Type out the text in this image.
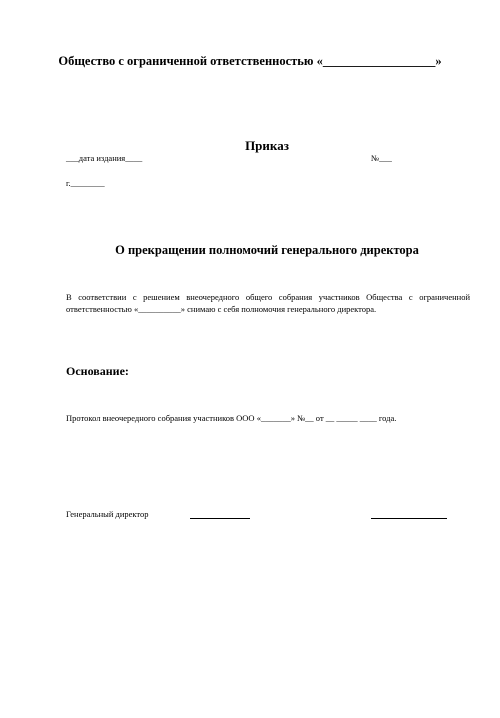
Общество с ограниченной ответственностью «__________________»
Приказ
___дата издания____	№___
г.________
О прекращении полномочий генерального директора
В соответствии с решением внеочередного общего собрания участников Общества с ограниченной ответственностью «__________» снимаю с себя полномочия генерального директора.
Основание:
Протокол внеочередного собрания участников ООО «_______» №__ от __ _____ ____ года.
Генеральный директор
